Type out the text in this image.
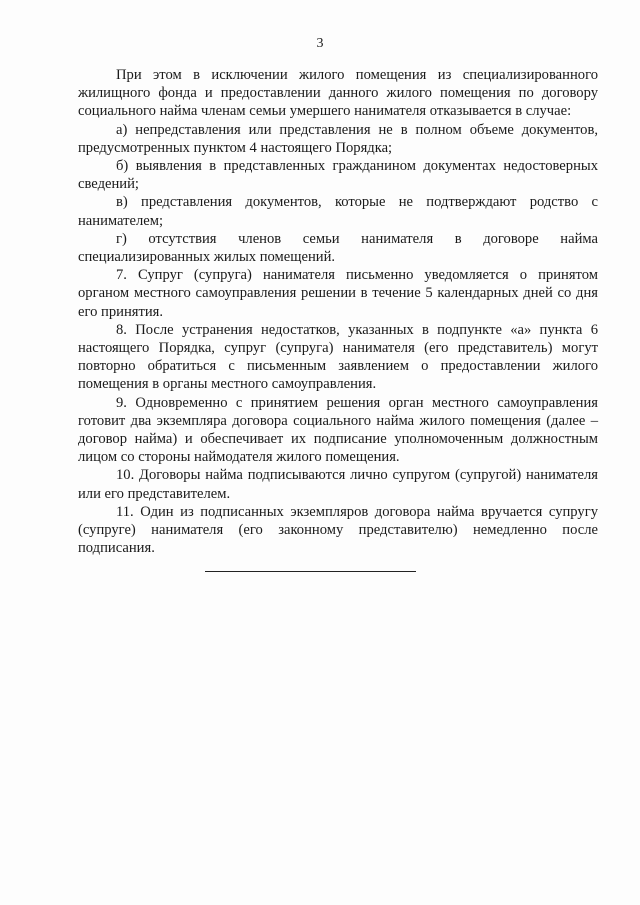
3

При этом в исключении жилого помещения из специализированного жилищного фонда и предоставлении данного жилого помещения по договору социального найма членам семьи умершего нанимателя отказывается в случае:

а) непредставления или представления не в полном объеме документов, предусмотренных пунктом 4 настоящего Порядка;

б) выявления в представленных гражданином документах недостоверных сведений;

в) представления документов, которые не подтверждают родство с нанимателем;

г) отсутствия членов семьи нанимателя в договоре найма специализированных жилых помещений.

7. Супруг (супруга) нанимателя письменно уведомляется о принятом органом местного самоуправления решении в течение 5 календарных дней со дня его принятия.

8. После устранения недостатков, указанных в подпункте «а» пункта 6 настоящего Порядка, супруг (супруга) нанимателя (его представитель) могут повторно обратиться с письменным заявлением о предоставлении жилого помещения в органы местного самоуправления.

9. Одновременно с принятием решения орган местного самоуправления готовит два экземпляра договора социального найма жилого помещения (далее – договор найма) и обеспечивает их подписание уполномоченным должностным лицом со стороны наймодателя жилого помещения.

10. Договоры найма подписываются лично супругом (супругой) нанимателя или его представителем.

11. Один из подписанных экземпляров договора найма вручается супругу (супруге) нанимателя (его законному представителю) немедленно после подписания.
